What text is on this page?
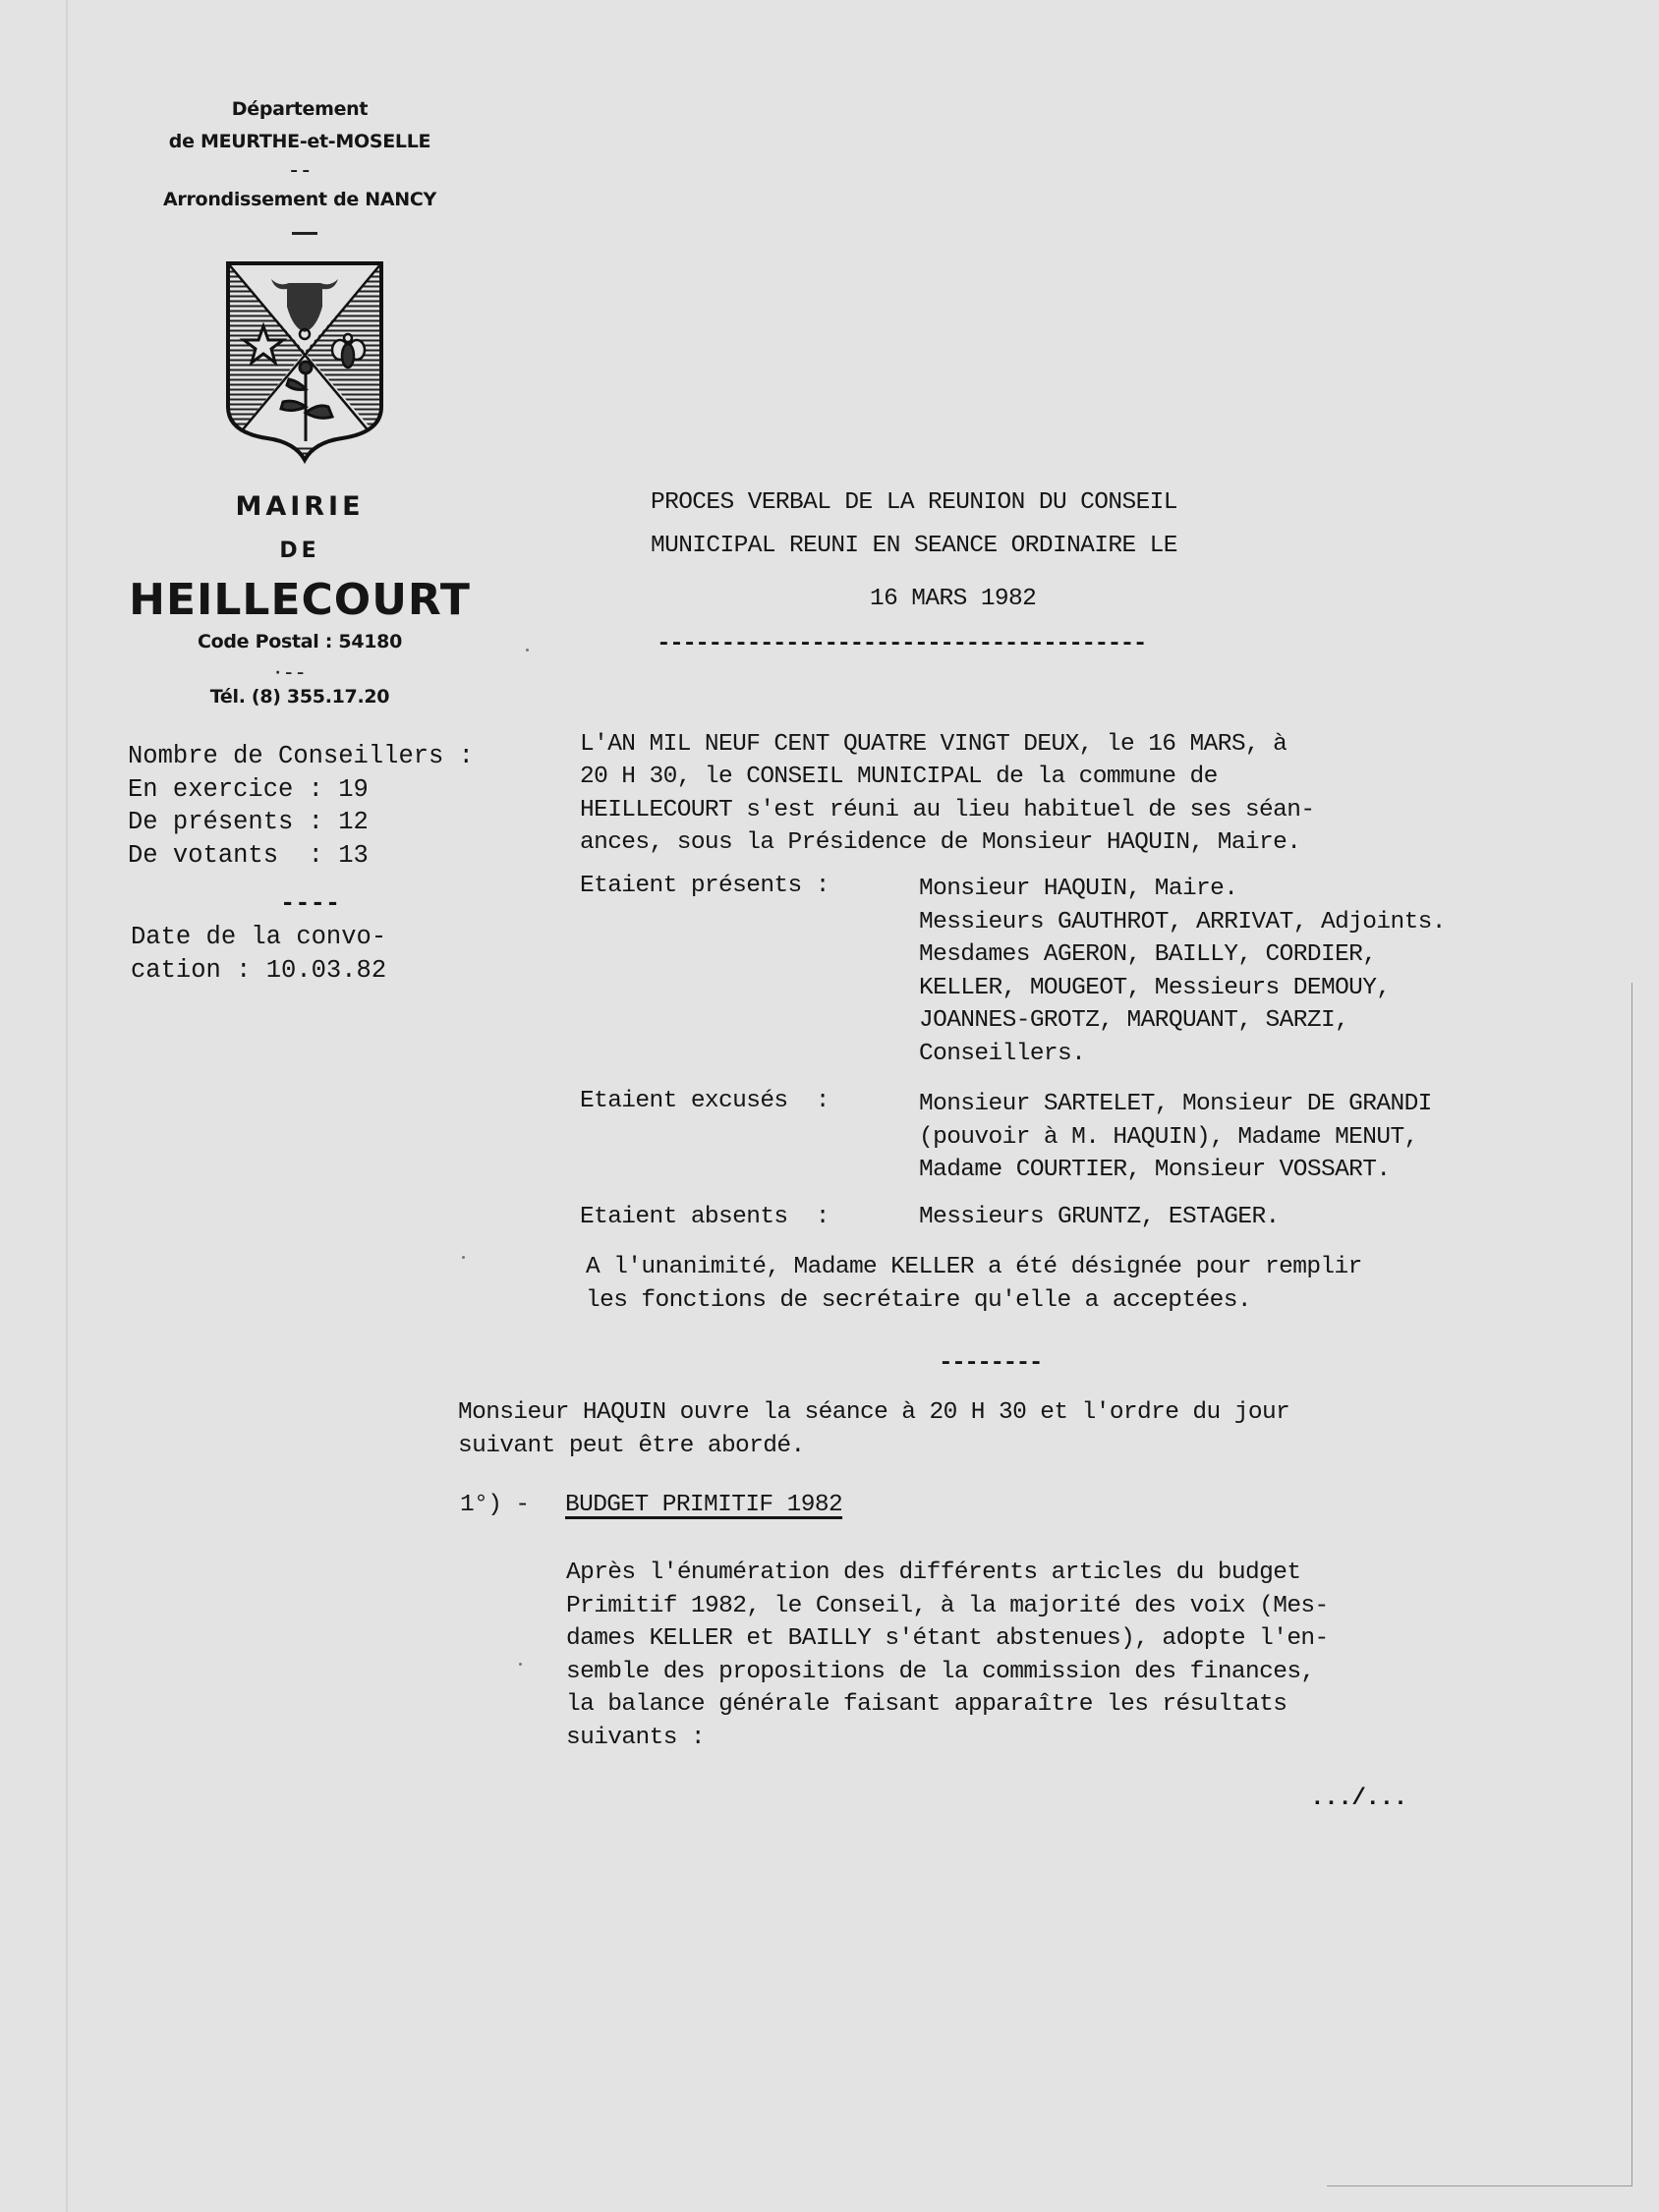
Département
de MEURTHE-et-MOSELLE
– –
Arrondissement de NANCY
MAIRIE
DE
HEILLECOURT
Code Postal : 54180
· – –
Tél. (8) 355.17.20
Nombre de Conseillers :
En exercice : 19
De présents : 12
De votants  : 13
----
Date de la convo-
cation : 10.03.82
PROCES VERBAL DE LA REUNION DU CONSEIL
MUNICIPAL REUNI EN SEANCE ORDINAIRE LE
16 MARS 1982
--------------------------------------

L'AN MIL NEUF CENT QUATRE VINGT DEUX, le 16 MARS, à
20 H 30, le CONSEIL MUNICIPAL de la commune de
HEILLECOURT s'est réuni au lieu habituel de ses séan-
ances, sous la Présidence de Monsieur HAQUIN, Maire.
Etaient présents :	Monsieur HAQUIN, Maire.
Messieurs GAUTHROT, ARRIVAT, Adjoints.
Mesdames AGERON, BAILLY, CORDIER,
KELLER, MOUGEOT, Messieurs DEMOUY,
JOANNES-GROTZ, MARQUANT, SARZI,
Conseillers.
Etaient excusés  :	Monsieur SARTELET, Monsieur DE GRANDI
(pouvoir à M. HAQUIN), Madame MENUT,
Madame COURTIER, Monsieur VOSSART.
Etaient absents  :	Messieurs GRUNTZ, ESTAGER.
A l'unanimité, Madame KELLER a été désignée pour remplir
les fonctions de secrétaire qu'elle a acceptées.
--------
Monsieur HAQUIN ouvre la séance à 20 H 30 et l'ordre du jour
suivant peut être abordé.
1°) - BUDGET PRIMITIF 1982
Après l'énumération des différents articles du budget
Primitif 1982, le Conseil, à la majorité des voix (Mes-
dames KELLER et BAILLY s'étant abstenues), adopte l'en-
semble des propositions de la commission des finances,
la balance générale faisant apparaître les résultats
suivants :
.../...
